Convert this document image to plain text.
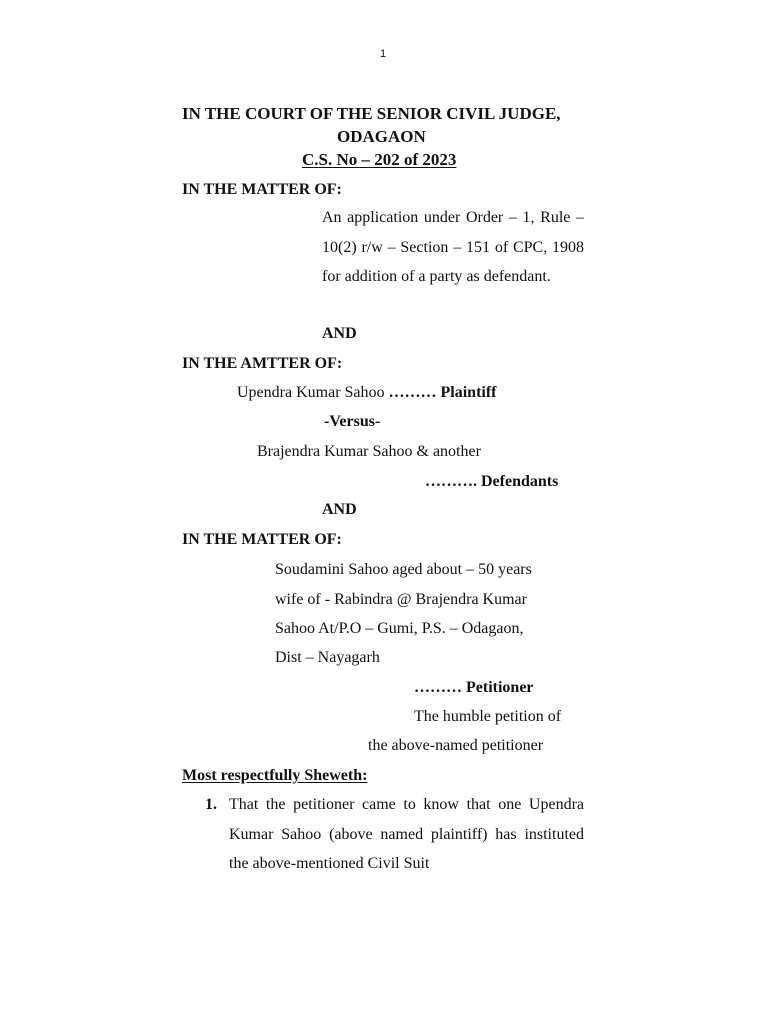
1
IN THE COURT OF THE SENIOR CIVIL JUDGE,
ODAGAON
C.S. No – 202 of 2023
IN THE MATTER OF:
An application under Order – 1, Rule – 10(2) r/w – Section – 151 of CPC, 1908 for addition of a party as defendant.
AND
IN THE AMTTER OF:
Upendra Kumar Sahoo ……… Plaintiff
-Versus-
Brajendra Kumar Sahoo & another
………. Defendants
AND
IN THE MATTER OF:
Soudamini Sahoo aged about – 50 years
wife of - Rabindra @ Brajendra Kumar
Sahoo At/P.O – Gumi, P.S. – Odagaon,
Dist – Nayagarh
……… Petitioner
The humble petition of
the above-named petitioner
Most respectfully Sheweth:
1. That the petitioner came to know that one Upendra Kumar Sahoo (above named plaintiff) has instituted the above-mentioned Civil Suit
